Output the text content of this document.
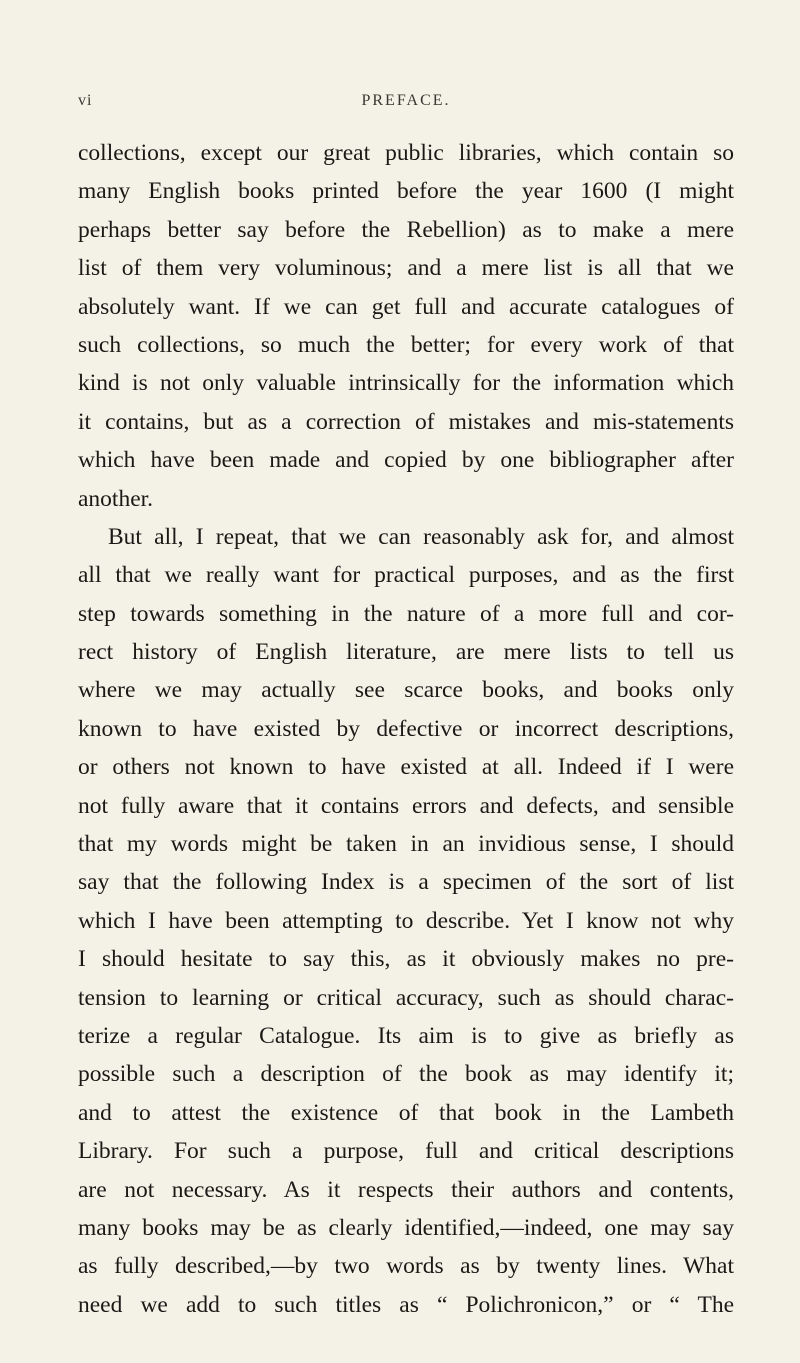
vi	PREFACE.
collections, except our great public libraries, which contain so
many English books printed before the year 1600 (I might
perhaps better say before the Rebellion) as to make a mere
list of them very voluminous; and a mere list is all that we
absolutely want. If we can get full and accurate catalogues of
such collections, so much the better; for every work of that
kind is not only valuable intrinsically for the information which
it contains, but as a correction of mistakes and mis-statements
which have been made and copied by one bibliographer after
another.
But all, I repeat, that we can reasonably ask for, and almost
all that we really want for practical purposes, and as the first
step towards something in the nature of a more full and cor-
rect history of English literature, are mere lists to tell us
where we may actually see scarce books, and books only
known to have existed by defective or incorrect descriptions,
or others not known to have existed at all. Indeed if I were
not fully aware that it contains errors and defects, and sensible
that my words might be taken in an invidious sense, I should
say that the following Index is a specimen of the sort of list
which I have been attempting to describe. Yet I know not why
I should hesitate to say this, as it obviously makes no pre-
tension to learning or critical accuracy, such as should charac-
terize a regular Catalogue. Its aim is to give as briefly as
possible such a description of the book as may identify it;
and to attest the existence of that book in the Lambeth
Library. For such a purpose, full and critical descriptions
are not necessary. As it respects their authors and contents,
many books may be as clearly identified,—indeed, one may say
as fully described,—by two words as by twenty lines. What
need we add to such titles as “ Polichronicon,” or “ The
